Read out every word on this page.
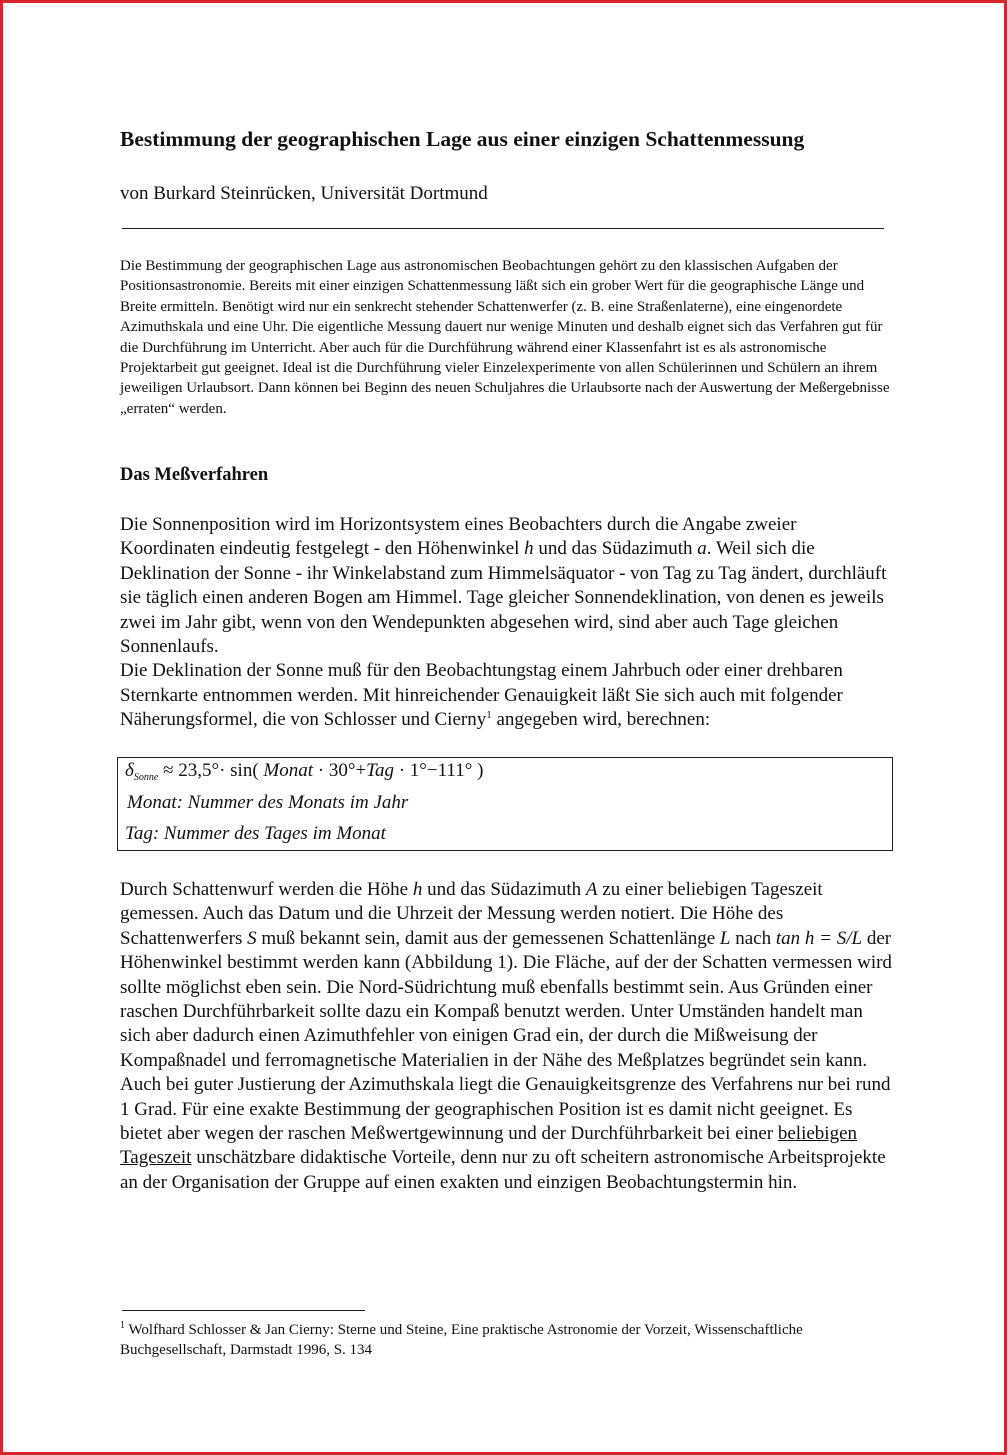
Bestimmung der geographischen Lage aus einer einzigen Schattenmessung
von Burkard Steinrücken, Universität Dortmund

Die Bestimmung der geographischen Lage aus astronomischen Beobachtungen gehört zu den klassischen Aufgaben der Positionsastronomie. Bereits mit einer einzigen Schattenmessung läßt sich ein grober Wert für die geographische Länge und Breite ermitteln. Benötigt wird nur ein senkrecht stehender Schattenwerfer (z. B. eine Straßenlaterne), eine eingenordete Azimuthskala und eine Uhr. Die eigentliche Messung dauert nur wenige Minuten und deshalb eignet sich das Verfahren gut für die Durchführung im Unterricht. Aber auch für die Durchführung während einer Klassenfahrt ist es als astronomische Projektarbeit gut geeignet. Ideal ist die Durchführung vieler Einzelexperimente von allen Schülerinnen und Schülern an ihrem jeweiligen Urlaubsort. Dann können bei Beginn des neuen Schuljahres die Urlaubsorte nach der Auswertung der Meßergebnisse „erraten“ werden.

Das Meßverfahren

Die Sonnenposition wird im Horizontsystem eines Beobachters durch die Angabe zweier Koordinaten eindeutig festgelegt - den Höhenwinkel h und das Südazimuth a. Weil sich die Deklination der Sonne - ihr Winkelabstand zum Himmelsäquator - von Tag zu Tag ändert, durchläuft sie täglich einen anderen Bogen am Himmel. Tage gleicher Sonnendeklination, von denen es jeweils zwei im Jahr gibt, wenn von den Wendepunkten abgesehen wird, sind aber auch Tage gleichen Sonnenlaufs.

Die Deklination der Sonne muß für den Beobachtungstag einem Jahrbuch oder einer drehbaren Sternkarte entnommen werden. Mit hinreichender Genauigkeit läßt Sie sich auch mit folgender Näherungsformel, die von Schlosser und Cierny$^1$ angegeben wird, berechnen:

$\delta_{Sonne} \approx 23,5^\circ\cdot \sin$( Monat · 30°+Tag · 1°−111° )
Monat: Nummer des Monats im Jahr
Tag: Nummer des Tages im Monat

Durch Schattenwurf werden die Höhe h und das Südazimuth A zu einer beliebigen Tageszeit gemessen. Auch das Datum und die Uhrzeit der Messung werden notiert. Die Höhe des Schattenwerfers S muß bekannt sein, damit aus der gemessenen Schattenlänge L nach tan h = S/L der Höhenwinkel bestimmt werden kann (Abbildung 1). Die Fläche, auf der der Schatten vermessen wird sollte möglichst eben sein. Die Nord-Südrichtung muß ebenfalls bestimmt sein. Aus Gründen einer raschen Durchführbarkeit sollte dazu ein Kompaß benutzt werden. Unter Umständen handelt man sich aber dadurch einen Azimuthfehler von einigen Grad ein, der durch die Mißweisung der Kompaßnadel und ferromagnetische Materialien in der Nähe des Meßplatzes begründet sein kann.

Auch bei guter Justierung der Azimuthskala liegt die Genauigkeitsgrenze des Verfahrens nur bei rund 1 Grad. Für eine exakte Bestimmung der geographischen Position ist es damit nicht geeignet. Es bietet aber wegen der raschen Meßwertgewinnung und der Durchführbarkeit bei einer beliebigen Tageszeit unschätzbare didaktische Vorteile, denn nur zu oft scheitern astronomische Arbeitsprojekte an der Organisation der Gruppe auf einen exakten und einzigen Beobachtungstermin hin.

$^1$ Wolfhard Schlosser & Jan Cierny: Sterne und Steine, Eine praktische Astronomie der Vorzeit, Wissenschaftliche Buchgesellschaft, Darmstadt 1996, S. 134
